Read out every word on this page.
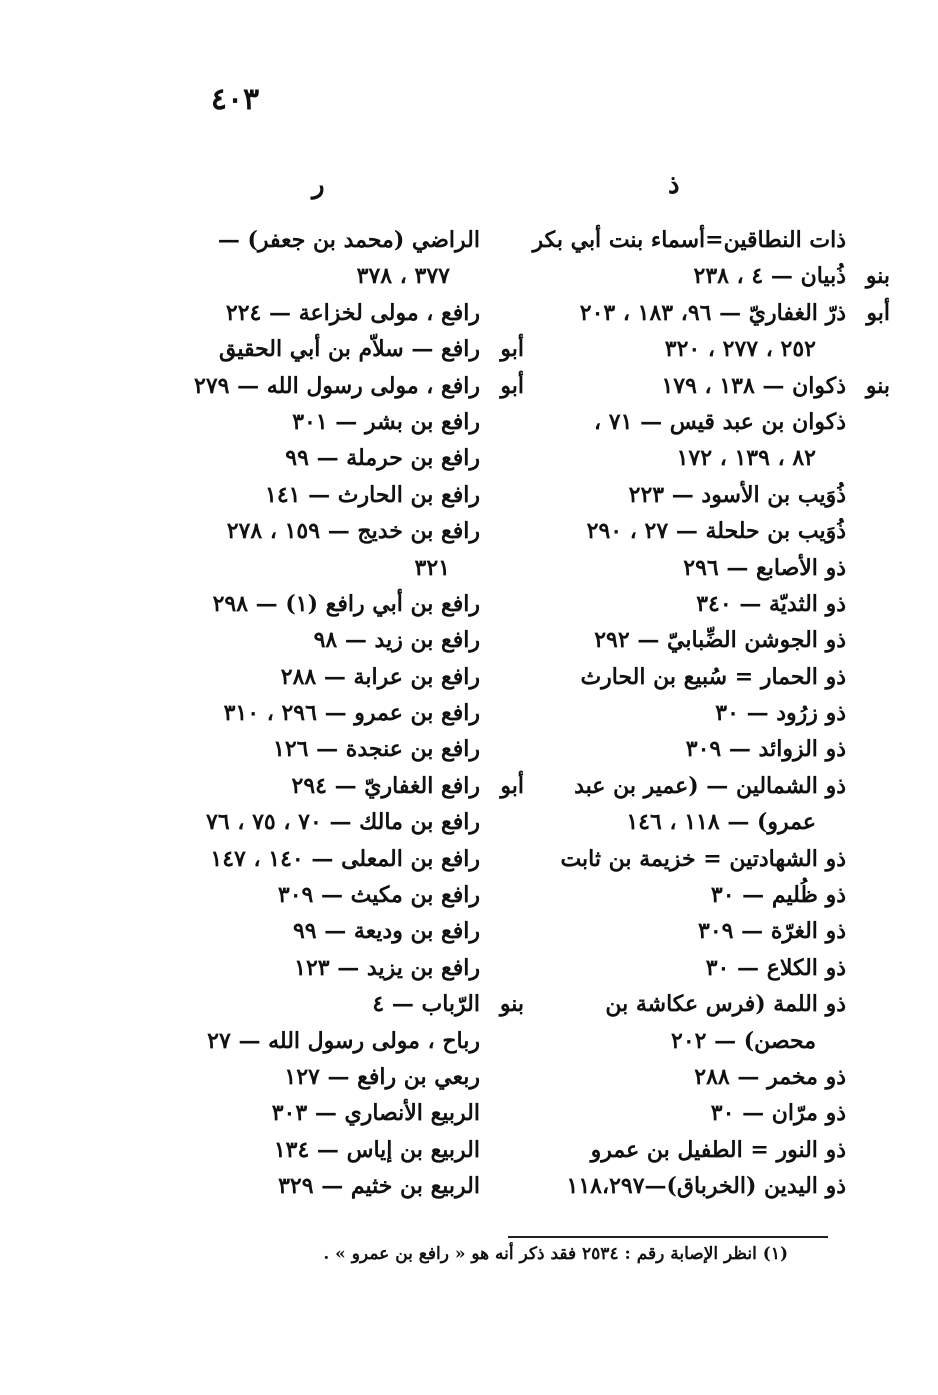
٤٠٣
ذ
ر
ذات النطاقين=أسماء بنت أبي بكر
بنو
ذُبيان — ٤ ، ٢٣٨
أبو
ذرّ الغفاريّ — ٩٦، ١٨٣ ، ٢٠٣
٢٥٢ ، ٢٧٧ ، ٣٢٠
بنو
ذكوان — ١٣٨ ، ١٧٩
ذكوان بن عبد قيس — ٧١ ،
٨٢ ، ١٣٩ ، ١٧٢
ذُوَيب بن الأسود — ٢٢٣
ذُوَيب بن حلحلة — ٢٧ ، ٢٩٠
ذو الأصابع — ٢٩٦
ذو الثديّة — ٣٤٠
ذو الجوشن الضِّبابيّ — ٢٩٢
ذو الحمار = سُبيع بن الحارث
ذو زرُود — ٣٠
ذو الزوائد — ٣٠٩
ذو الشمالين — (عمير بن عبد
عمرو) — ١١٨ ، ١٤٦
ذو الشهادتين = خزيمة بن ثابت
ذو ظُليم — ٣٠
ذو الغرّة — ٣٠٩
ذو الكلاع — ٣٠
ذو اللمة (فرس عكاشة بن
محصن) — ٢٠٢
ذو مخمر — ٢٨٨
ذو مرّان — ٣٠
ذو النور = الطفيل بن عمرو
ذو اليدين (الخرباق)—١١٨،٢٩٧
الراضي (محمد بن جعفر) —
٣٧٧ ، ٣٧٨
رافع ، مولى لخزاعة — ٢٢٤
أبو
رافع — سلاّم بن أبي الحقيق
أبو
رافع ، مولى رسول الله — ٢٧٩
رافع بن بشر — ٣٠١
رافع بن حرملة — ٩٩
رافع بن الحارث — ١٤١
رافع بن خديج — ١٥٩ ، ٢٧٨
٣٢١
رافع بن أبي رافع (١) — ٢٩٨
رافع بن زيد — ٩٨
رافع بن عرابة — ٢٨٨
رافع بن عمرو — ٢٩٦ ، ٣١٠
رافع بن عنجدة — ١٢٦
أبو
رافع الغفاريّ — ٢٩٤
رافع بن مالك — ٧٠ ، ٧٥ ، ٧٦
رافع بن المعلى — ١٤٠ ، ١٤٧
رافع بن مكيث — ٣٠٩
رافع بن وديعة — ٩٩
رافع بن يزيد — ١٢٣
بنو
الرّباب — ٤
رباح ، مولى رسول الله — ٢٧
ربعي بن رافع — ١٢٧
الربيع الأنصاري — ٣٠٣
الربيع بن إياس — ١٣٤
الربيع بن خثيم — ٣٢٩
(١) انظر الإصابة رقم : ٢٥٣٤ فقد ذكر أنه هو « رافع بن عمرو » .
